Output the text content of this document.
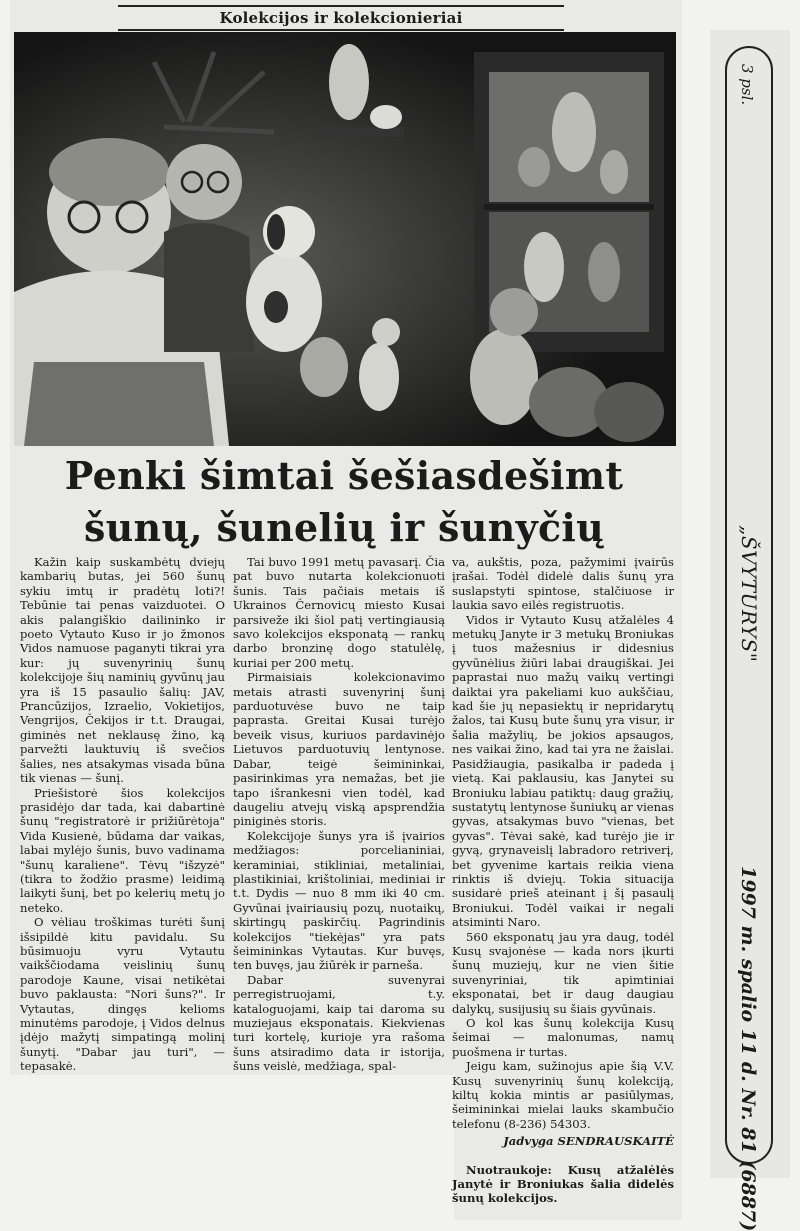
Kolekcijos ir kolekcionieriai
Penki šimtai šešiasdešimt
šunų, šunelių ir šunyčių

Kažin kaip suskambėtų dviejų kambarių butas, jei 560 šunų sykiu imtų ir pradėtų loti?! Tebūnie tai penas vaizduotei. O akis palangiškio dailininko ir poeto Vytauto Kuso ir jo žmonos Vidos namuose paganyti tikrai yra kur: jų suvenyrinių šunų kolekcijoje šių naminių gyvūnų jau yra iš 15 pasaulio šalių: JAV, Prancūzijos, Izraelio, Vokietijos, Vengrijos, Čekijos ir t.t. Draugai, giminės net neklausę žino, ką parvežti lauktuvių iš svečios šalies, nes atsakymas visada būna tik vienas — šunį.

Priešistorė šios kolekcijos prasidėjo dar tada, kai dabartinė šunų "registratorė ir prižiūrėtoja" Vida Kusienė, būdama dar vaikas, labai mylėjo šunis, buvo vadinama "šunų karaliene". Tėvų "išzyzė" (tikra to žodžio prasme) leidimą laikyti šunį, bet po kelerių metų jo neteko.

O vėliau troškimas turėti šunį išsipildė kitu pavidalu. Su būsimuoju vyru Vytautu vaikščiodama veislinių šunų parodoje Kaune, visai netikėtai buvo paklausta: "Nori šuns?". Ir Vytautas, dingęs kelioms minutėms parodoje, į Vidos delnus įdėjo mažytį simpatingą molinį šunytį. "Dabar jau turi", — tepasakė.

Tai buvo 1991 metų pavasarį. Čia pat buvo nutarta kolekcionuoti šunis. Tais pačiais metais iš Ukrainos Černovicų miesto Kusai parsiveže iki šiol patį vertingiausią savo kolekcijos eksponatą — rankų darbo bronzinę dogo statulėlę, kuriai per 200 metų.

Pirmaisiais kolekcionavimo metais atrasti suvenyrinį šunį parduotuvėse buvo ne taip paprasta. Greitai Kusai turėjo beveik visus, kuriuos pardavinėjo Lietuvos parduotuvių lentynose. Dabar, teigė šeimininkai, pasirinkimas yra nemažas, bet jie tapo išrankesni vien todėl, kad daugeliu atvejų viską apsprendžia piniginės storis.

Kolekcijoje šunys yra iš įvairios medžiagos: porcelianiniai, keraminiai, stikliniai, metaliniai, plastikiniai, krištoliniai, mediniai ir t.t. Dydis — nuo 8 mm iki 40 cm. Gyvūnai įvairiausių pozų, nuotaikų, skirtingų paskirčių. Pagrindinis kolekcijos "tiekėjas" yra pats šeimininkas Vytautas. Kur buvęs, ten buvęs, jau žiūrėk ir parneša.

Dabar suvenyrai perregistruojami, t.y. kataloguojami, kaip tai daroma su muziejaus eksponatais. Kiekvienas turi kortelę, kurioje yra rašoma šuns atsiradimo data ir istorija, šuns veislė, medžiaga, spal-

va, aukštis, poza, pažymimi įvairūs įrašai. Todėl didelė dalis šunų yra suslapstyti spintose, stalčiuose ir laukia savo eilės registruotis.

Vidos ir Vytauto Kusų atžalėles 4 metukų Janyte ir 3 metukų Broniukas į tuos mažesnius ir didesnius gyvūnėlius žiūri labai draugiškai. Jei paprastai nuo mažų vaikų vertingi daiktai yra pakeliami kuo aukščiau, kad šie jų nepasiektų ir nepridarytų žalos, tai Kusų bute šunų yra visur, ir šalia mažylių, be jokios apsaugos, nes vaikai žino, kad tai yra ne žaislai. Pasidžiaugia, pasikalba ir padeda į vietą. Kai paklausiu, kas Janytei su Broniuku labiau patiktų: daug gražių, sustatytų lentynose šuniukų ar vienas gyvas, atsakymas buvo "vienas, bet gyvas". Tėvai sakė, kad turėjo jie ir gyvą, grynaveislį labradoro retriverį, bet gyvenime kartais reikia viena rinktis iš dviejų. Tokia situacija susidarė prieš ateinant į šį pasaulį Broniukui. Todėl vaikai ir negali atsiminti Naro.

560 eksponatų jau yra daug, todėl Kusų svajonėse — kada nors įkurti šunų muziejų, kur ne vien šitie suvenyriniai, tik apimtiniai eksponatai, bet ir daug daugiau dalykų, susijusių su šiais gyvūnais.

O kol kas šunų kolekcija Kusų šeimai — malonumas, namų puošmena ir turtas.

Jeigu kam, sužinojus apie šią V.V. Kusų suvenyrinių šunų kolekciją, kiltų kokia mintis ar pasiūlymas, šeimininkai mielai lauks skambučio telefonu (8-236) 54303.

Jadvyga SENDRAUSKAITĖ
Nuotraukoje: Kusų atžalėlės Janytė ir Broniukas šalia didelės šunų kolekcijos.
3 psl.
„ŠVYTURYS"
1997 m. spalio 11 d. Nr. 81 (6887)
